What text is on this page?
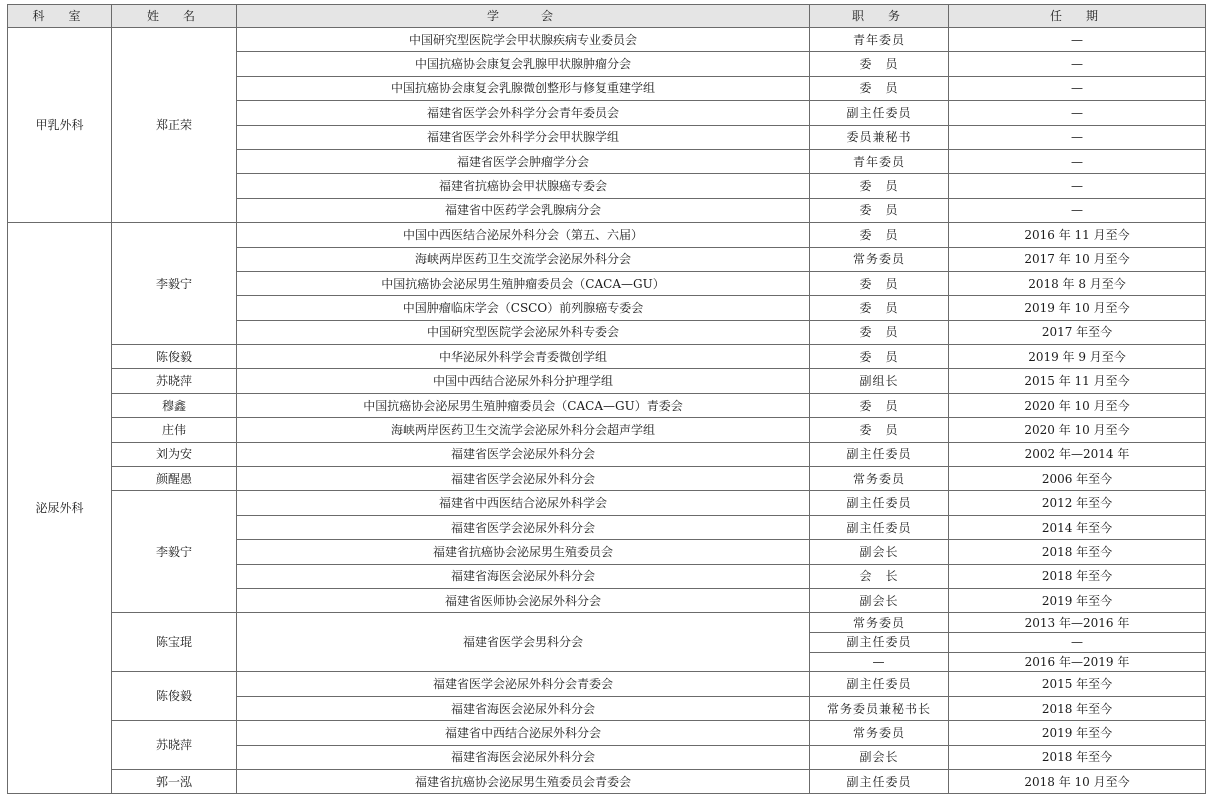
科　室	姓　名	学　　会	职　务	任　期
甲乳外科	郑正荣	中国研究型医院学会甲状腺疾病专业委员会	青年委员	—
		中国抗癌协会康复会乳腺甲状腺肿瘤分会	委　员	—
		中国抗癌协会康复会乳腺微创整形与修复重建学组	委　员	—
		福建省医学会外科学分会青年委员会	副主任委员	—
		福建省医学会外科学分会甲状腺学组	委员兼秘书	—
		福建省医学会肿瘤学分会	青年委员	—
		福建省抗癌协会甲状腺癌专委会	委　员	—
		福建省中医药学会乳腺病分会	委　员	—
泌尿外科	李毅宁	中国中西医结合泌尿外科分会（第五、六届）	委　员	2016 年 11 月至今
		海峡两岸医药卫生交流学会泌尿外科分会	常务委员	2017 年 10 月至今
		中国抗癌协会泌尿男生殖肿瘤委员会（CACA—GU）	委　员	2018 年 8 月至今
		中国肿瘤临床学会（CSCO）前列腺癌专委会	委　员	2019 年 10 月至今
		中国研究型医院学会泌尿外科专委会	委　员	2017 年至今
	陈俊毅	中华泌尿外科学会青委微创学组	委　员	2019 年 9 月至今
	苏晓萍	中国中西结合泌尿外科分护理学组	副组长	2015 年 11 月至今
	穆鑫	中国抗癌协会泌尿男生殖肿瘤委员会（CACA—GU）青委会	委　员	2020 年 10 月至今
	庄伟	海峡两岸医药卫生交流学会泌尿外科分会超声学组	委　员	2020 年 10 月至今
	刘为安	福建省医学会泌尿外科分会	副主任委员	2002 年—2014 年
	颜醒愚	福建省医学会泌尿外科分会	常务委员	2006 年至今
	李毅宁	福建省中西医结合泌尿外科学会	副主任委员	2012 年至今
		福建省医学会泌尿外科分会	副主任委员	2014 年至今
		福建省抗癌协会泌尿男生殖委员会	副会长	2018 年至今
		福建省海医会泌尿外科分会	会　长	2018 年至今
		福建省医师协会泌尿外科分会	副会长	2019 年至今
	陈宝琨	福建省医学会男科分会	常务委员	2013 年—2016 年
			副主任委员	—
			—	2016 年—2019 年
	陈俊毅	福建省医学会泌尿外科分会青委会	副主任委员	2015 年至今
		福建省海医会泌尿外科分会	常务委员兼秘书长	2018 年至今
	苏晓萍	福建省中西结合泌尿外科分会	常务委员	2019 年至今
		福建省海医会泌尿外科分会	副会长	2018 年至今
	郭一泓	福建省抗癌协会泌尿男生殖委员会青委会	副主任委员	2018 年 10 月至今
